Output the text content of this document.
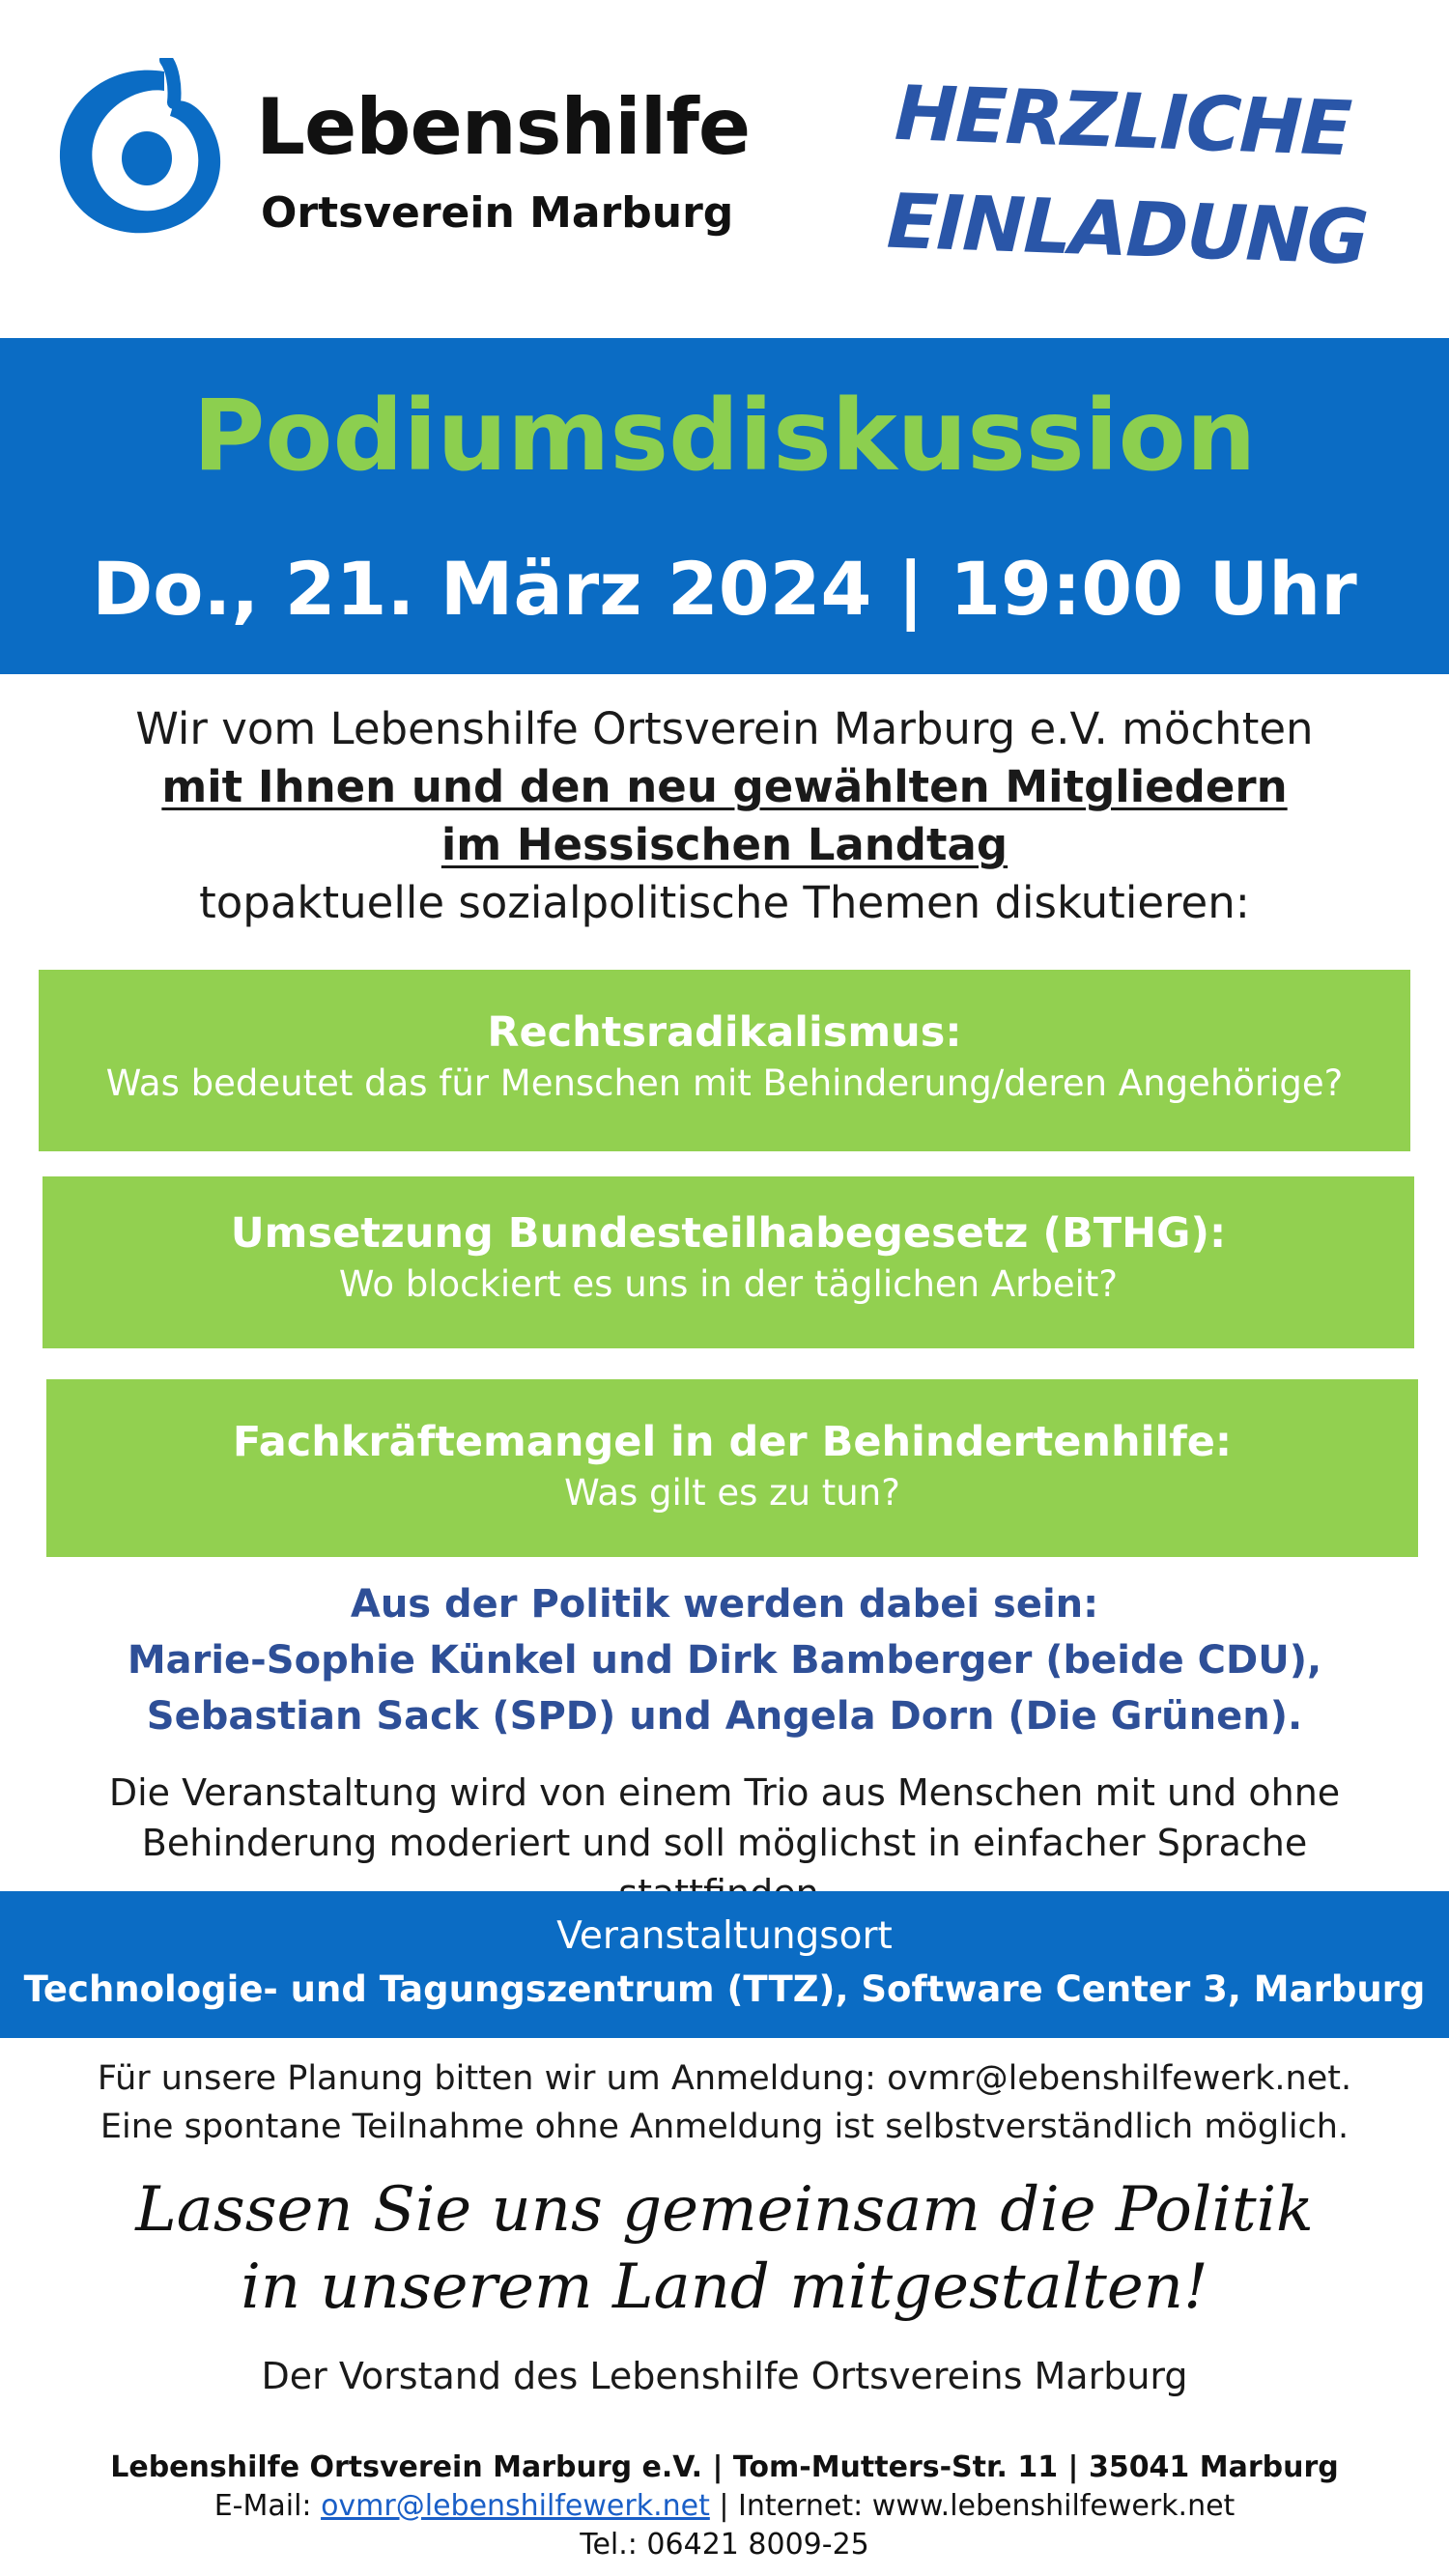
Lebenshilfe
Ortsverein Marburg
HERZLICHE
EINLADUNG
Podiumsdiskussion
Do., 21. März 2024 | 19:00 Uhr
Wir vom Lebenshilfe Ortsverein Marburg e.V. möchten
mit Ihnen und den neu gewählten Mitgliedern
im Hessischen Landtag
topaktuelle sozialpolitische Themen diskutieren:
Rechtsradikalismus:
Was bedeutet das für Menschen mit Behinderung/deren Angehörige?
Umsetzung Bundesteilhabegesetz (BTHG):
Wo blockiert es uns in der täglichen Arbeit?
Fachkräftemangel in der Behindertenhilfe:
Was gilt es zu tun?
Aus der Politik werden dabei sein:
Marie-Sophie Künkel und Dirk Bamberger (beide CDU),
Sebastian Sack (SPD) und Angela Dorn (Die Grünen).
Die Veranstaltung wird von einem Trio aus Menschen mit und ohne
Behinderung moderiert und soll möglichst in einfacher Sprache
Veranstaltungsort
Technologie- und Tagungszentrum (TTZ), Software Center 3, Marburg
Für unsere Planung bitten wir um Anmeldung: ovmr@lebenshilfewerk.net.
Eine spontane Teilnahme ohne Anmeldung ist selbstverständlich möglich.
Lassen Sie uns gemeinsam die Politik
in unserem Land mitgestalten!
Der Vorstand des Lebenshilfe Ortsvereins Marburg
Lebenshilfe Ortsverein Marburg e.V. | Tom-Mutters-Str. 11 | 35041 Marburg
E-Mail: ovmr@lebenshilfewerk.net | Internet: www.lebenshilfewerk.net
Tel.: 06421 8009-25
